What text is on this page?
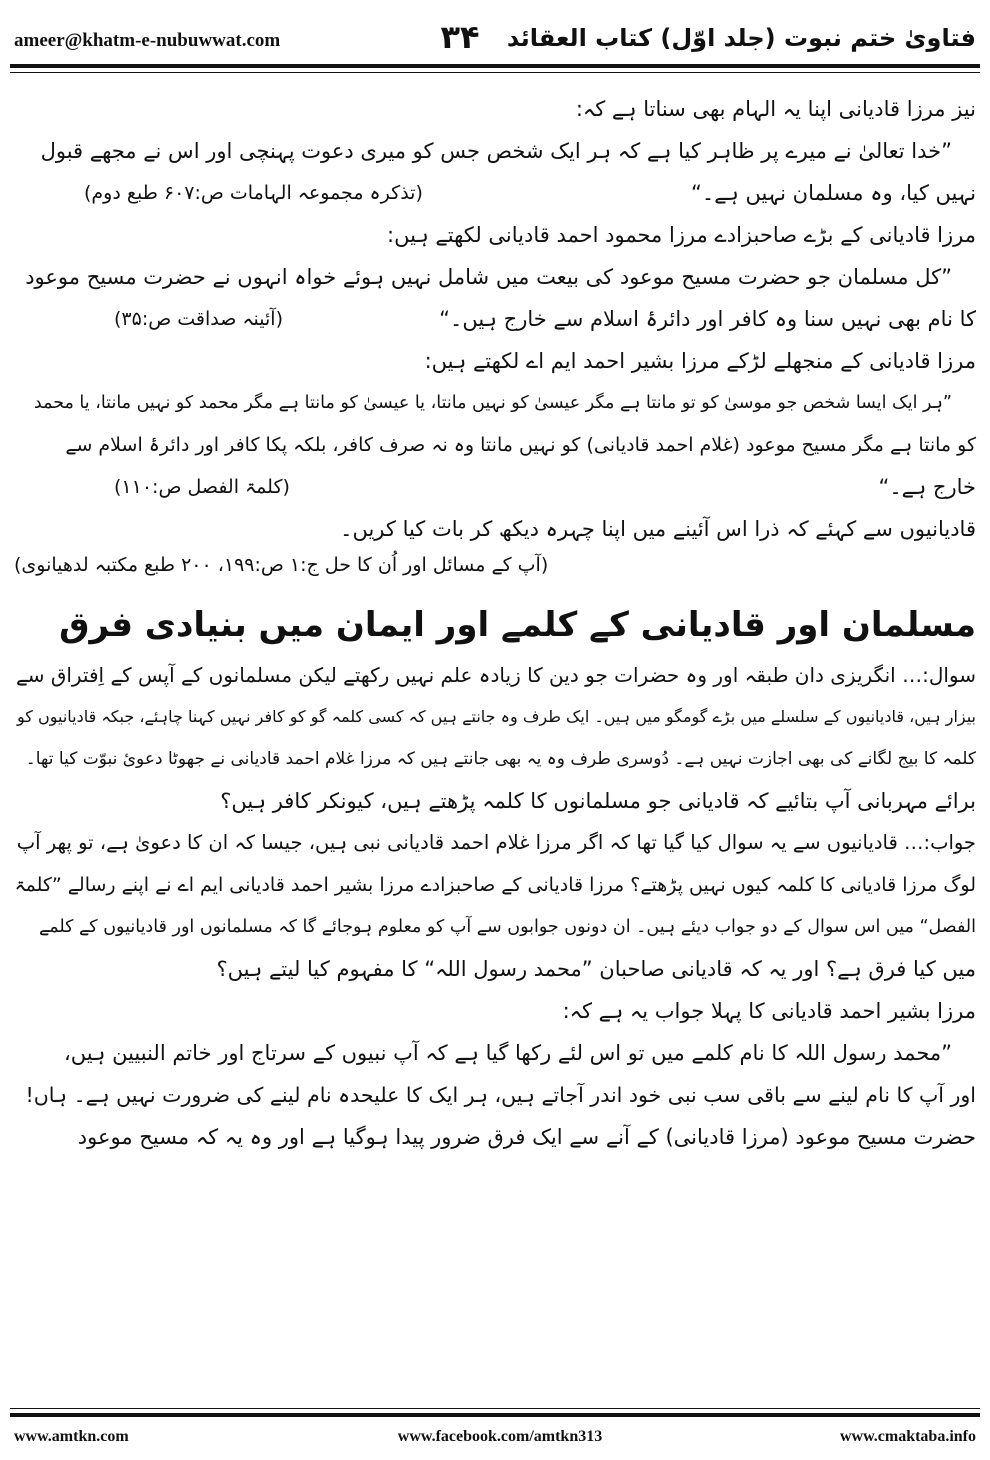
ameer@khatm-e-nubuwwat.com	۳۴	فتاویٰ ختم نبوت (جلد اوّل) کتاب العقائد
نیز مرزا قادیانی اپنا یہ الہام بھی سناتا ہے کہ:
”خدا تعالیٰ نے میرے پر ظاہر کیا ہے کہ ہر ایک شخص جس کو میری دعوت پہنچی اور اس نے مجھے قبول
نہیں کیا، وہ مسلمان نہیں ہے۔“
(تذکرہ مجموعہ الہامات ص:۶۰۷ طبع دوم)
مرزا قادیانی کے بڑے صاحبزادے مرزا محمود احمد قادیانی لکھتے ہیں:
”کل مسلمان جو حضرت مسیح موعود کی بیعت میں شامل نہیں ہوئے خواہ انہوں نے حضرت مسیح موعود
کا نام بھی نہیں سنا وہ کافر اور دائرۂ اسلام سے خارج ہیں۔“
(آئینہ صداقت ص:۳۵)
مرزا قادیانی کے منجھلے لڑکے مرزا بشیر احمد ایم اے لکھتے ہیں:
”ہر ایک ایسا شخص جو موسیٰ کو تو مانتا ہے مگر عیسیٰ کو نہیں مانتا، یا عیسیٰ کو مانتا ہے مگر محمد کو نہیں مانتا، یا محمد
کو مانتا ہے مگر مسیح موعود (غلام احمد قادیانی) کو نہیں مانتا وہ نہ صرف کافر، بلکہ پکا کافر اور دائرۂ اسلام سے
خارج ہے۔“
(کلمۃ الفصل ص:۱۱۰)
قادیانیوں سے کہئے کہ ذرا اس آئینے میں اپنا چہرہ دیکھ کر بات کیا کریں۔
(آپ کے مسائل اور اُن کا حل ج:۱ ص:۱۹۹، ۲۰۰ طبع مکتبہ لدھیانوی)
مسلمان اور قادیانی کے کلمے اور ایمان میں بنیادی فرق
سوال:… انگریزی دان طبقہ اور وہ حضرات جو دین کا زیادہ علم نہیں رکھتے لیکن مسلمانوں کے آپس کے اِفتراق سے
بیزار ہیں، قادیانیوں کے سلسلے میں بڑے گومگو میں ہیں۔ ایک طرف وہ جانتے ہیں کہ کسی کلمہ گو کو کافر نہیں کہنا چاہئے، جبکہ قادیانیوں کو
کلمہ کا بیج لگانے کی بھی اجازت نہیں ہے۔ دُوسری طرف وہ یہ بھی جانتے ہیں کہ مرزا غلام احمد قادیانی نے جھوٹا دعویٔ نبوّت کیا تھا۔
برائے مہربانی آپ بتائیے کہ قادیانی جو مسلمانوں کا کلمہ پڑھتے ہیں، کیونکر کافر ہیں؟
جواب:… قادیانیوں سے یہ سوال کیا گیا تھا کہ اگر مرزا غلام احمد قادیانی نبی ہیں، جیسا کہ ان کا دعویٰ ہے، تو پھر آپ
لوگ مرزا قادیانی کا کلمہ کیوں نہیں پڑھتے؟ مرزا قادیانی کے صاحبزادے مرزا بشیر احمد قادیانی ایم اے نے اپنے رسالے ”کلمۃ
الفصل“ میں اس سوال کے دو جواب دیئے ہیں۔ ان دونوں جوابوں سے آپ کو معلوم ہوجائے گا کہ مسلمانوں اور قادیانیوں کے کلمے
میں کیا فرق ہے؟ اور یہ کہ قادیانی صاحبان ”محمد رسول اللہ“ کا مفہوم کیا لیتے ہیں؟
مرزا بشیر احمد قادیانی کا پہلا جواب یہ ہے کہ:
”محمد رسول اللہ کا نام کلمے میں تو اس لئے رکھا گیا ہے کہ آپ نبیوں کے سرتاج اور خاتم النبیین ہیں،
اور آپ کا نام لینے سے باقی سب نبی خود اندر آجاتے ہیں، ہر ایک کا علیحدہ نام لینے کی ضرورت نہیں ہے۔ ہاں!
حضرت مسیح موعود (مرزا قادیانی) کے آنے سے ایک فرق ضرور پیدا ہوگیا ہے اور وہ یہ کہ مسیح موعود
www.amtkn.com	www.facebook.com/amtkn313	www.cmaktaba.info
